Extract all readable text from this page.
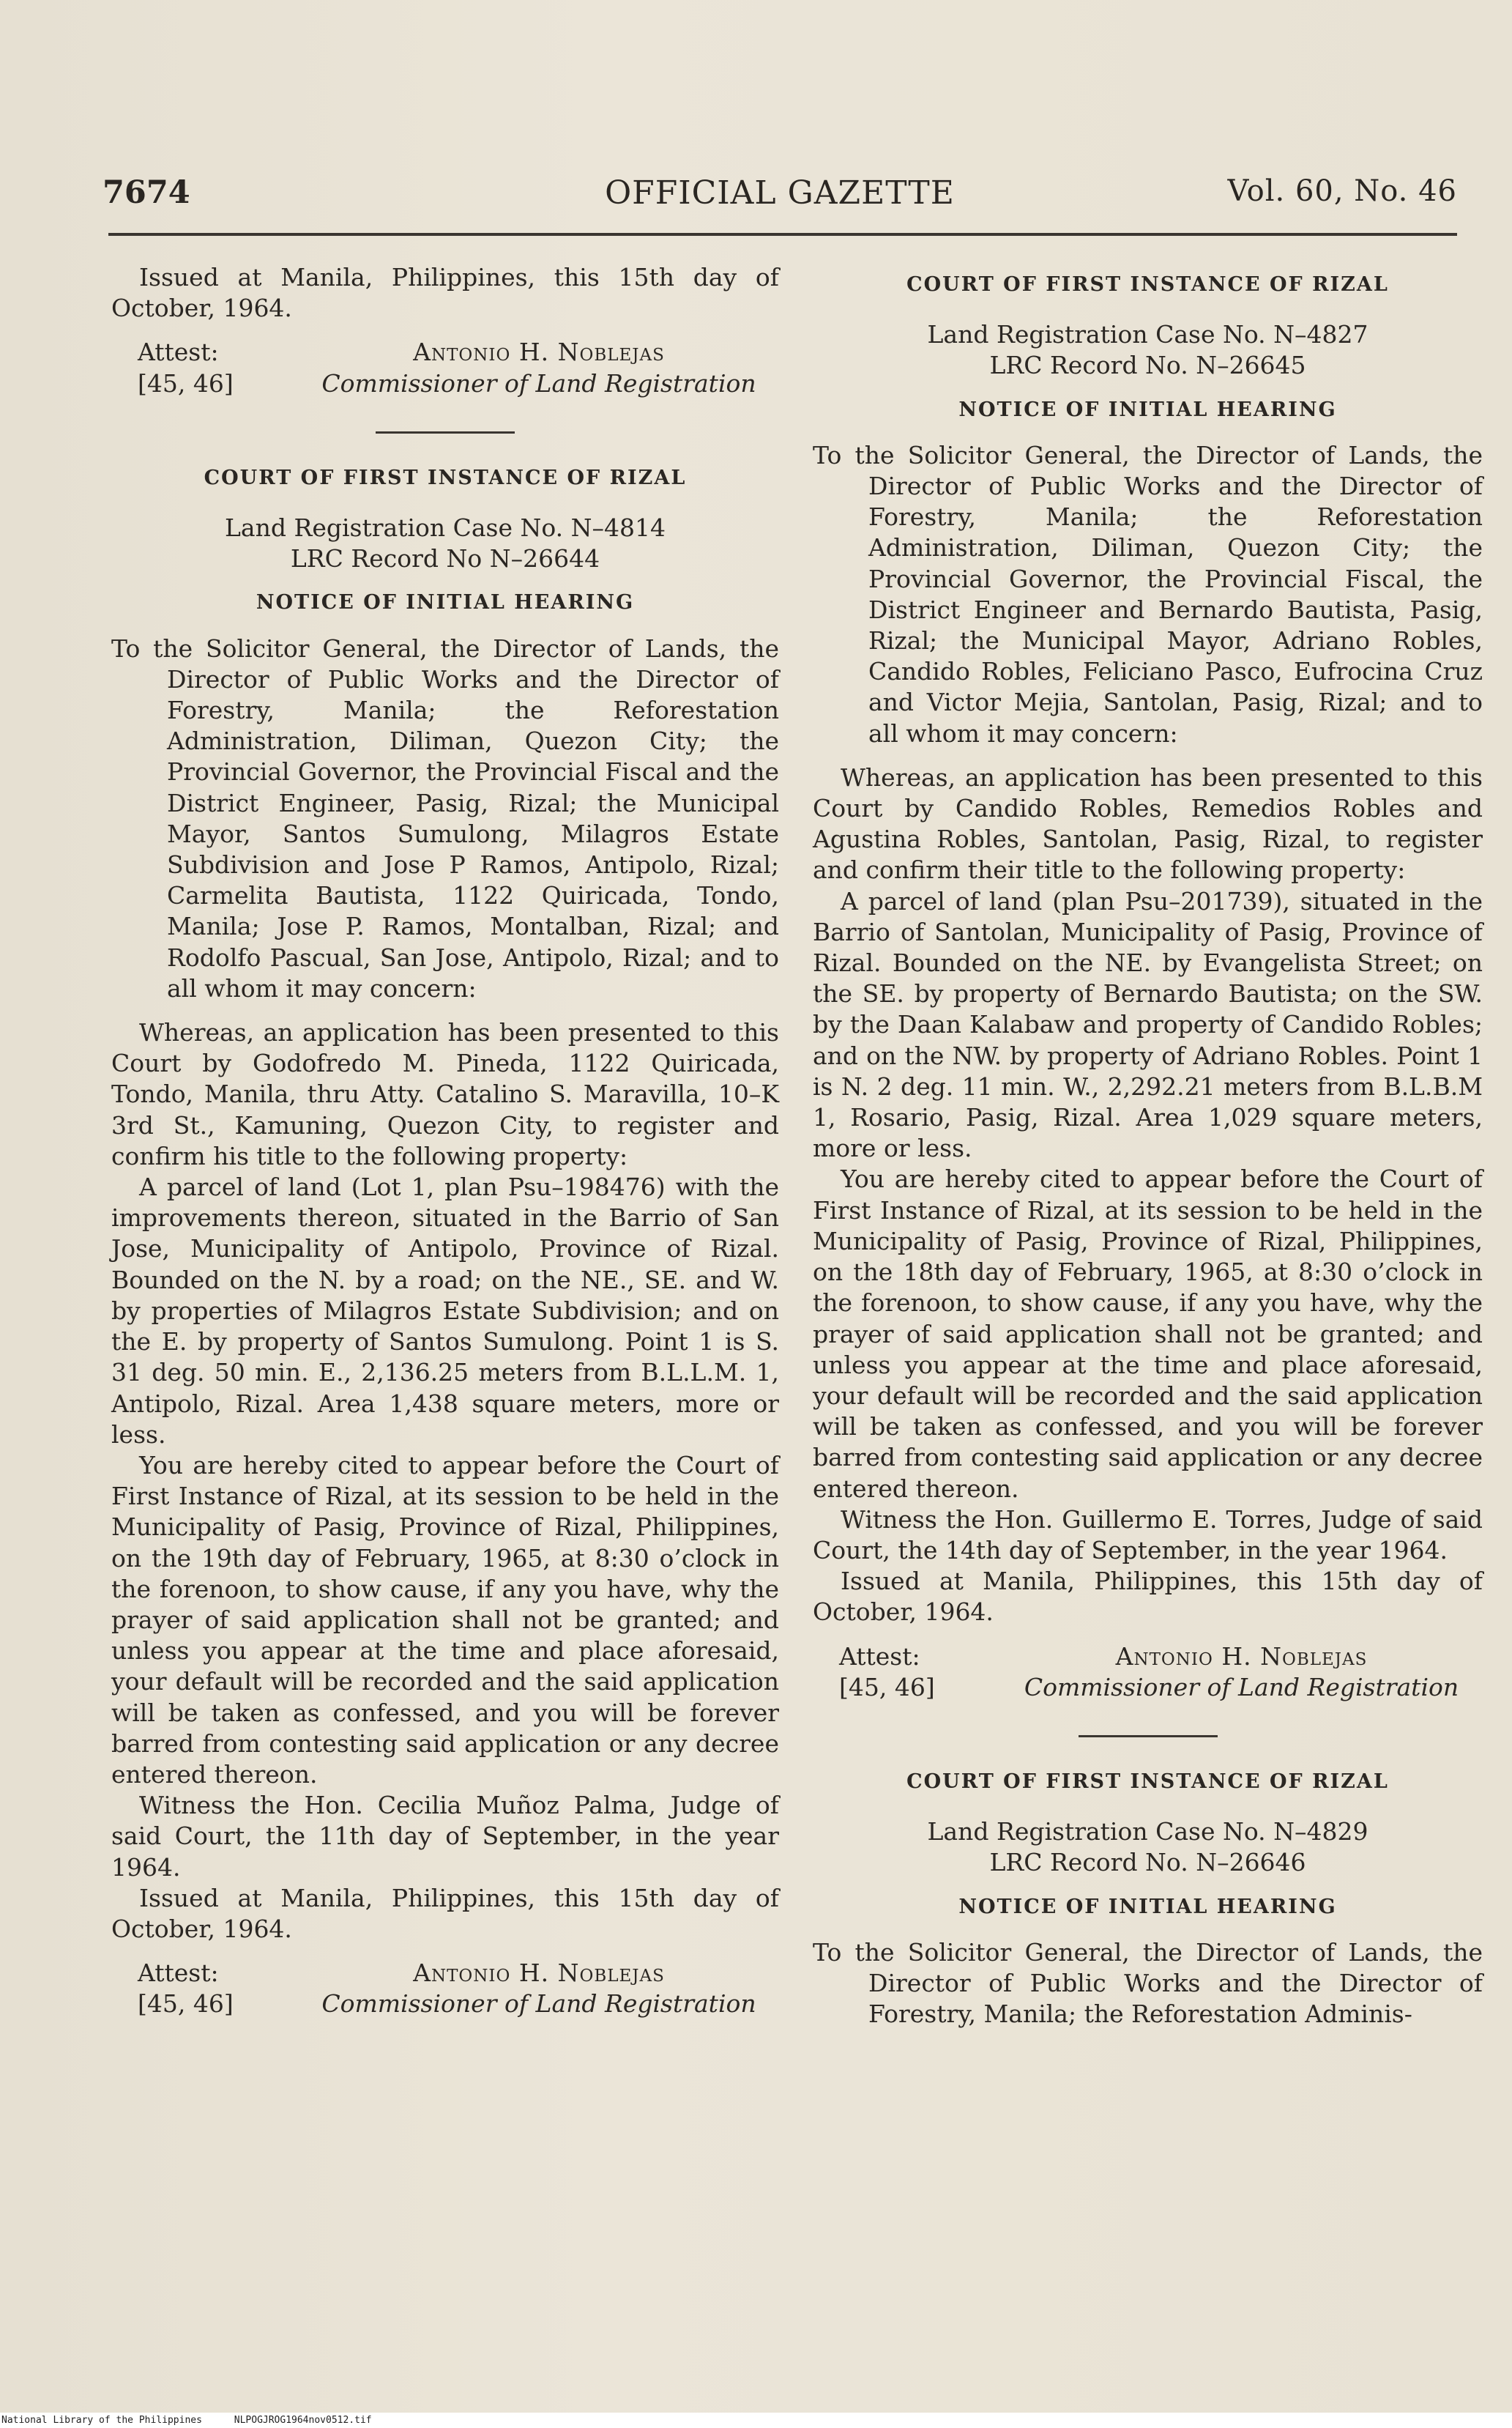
OFFICIAL GAZETTE
7674	Vol. 60, No. 46

Issued at Manila, Philippines, this 15th day of October, 1964.

Attest:
[45, 46]
Antonio H. Noblejas
Commissioner of Land Registration
COURT OF FIRST INSTANCE OF RIZAL
Land Registration Case No. N–4814
LRC Record No N–26644
NOTICE OF INITIAL HEARING

To the Solicitor General, the Director of Lands, the Director of Public Works and the Director of Forestry, Manila; the Reforestation Administration, Diliman, Quezon City; the Provincial Governor, the Provincial Fiscal and the District Engineer, Pasig, Rizal; the Municipal Mayor, Santos Sumulong, Milagros Estate Subdivision and Jose P Ramos, Antipolo, Rizal; Carmelita Bautista, 1122 Quiricada, Tondo, Manila; Jose P. Ramos, Montalban, Rizal; and Rodolfo Pascual, San Jose, Antipolo, Rizal; and to all whom it may concern:

Whereas, an application has been presented to this Court by Godofredo M. Pineda, 1122 Quiricada, Tondo, Manila, thru Atty. Catalino S. Maravilla, 10–K 3rd St., Kamuning, Quezon City, to register and confirm his title to the following property:

A parcel of land (Lot 1, plan Psu–198476) with the improvements thereon, situated in the Barrio of San Jose, Municipality of Antipolo, Province of Rizal. Bounded on the N. by a road; on the NE., SE. and W. by properties of Milagros Estate Subdivision; and on the E. by property of Santos Sumulong. Point 1 is S. 31 deg. 50 min. E., 2,136.25 meters from B.L.L.M. 1, Antipolo, Rizal. Area 1,438 square meters, more or less.

You are hereby cited to appear before the Court of First Instance of Rizal, at its session to be held in the Municipality of Pasig, Province of Rizal, Philippines, on the 19th day of February, 1965, at 8:30 o’clock in the forenoon, to show cause, if any you have, why the prayer of said application shall not be granted; and unless you appear at the time and place aforesaid, your default will be recorded and the said application will be taken as confessed, and you will be forever barred from contesting said application or any decree entered thereon.

Witness the Hon. Cecilia Muñoz Palma, Judge of said Court, the 11th day of September, in the year 1964.

Issued at Manila, Philippines, this 15th day of October, 1964.

Attest:
[45, 46]
Antonio H. Noblejas
Commissioner of Land Registration
COURT OF FIRST INSTANCE OF RIZAL
Land Registration Case No. N–4827
LRC Record No. N–26645
NOTICE OF INITIAL HEARING

To the Solicitor General, the Director of Lands, the Director of Public Works and the Director of Forestry, Manila; the Reforestation Administration, Diliman, Quezon City; the Provincial Governor, the Provincial Fiscal, the District Engineer and Bernardo Bautista, Pasig, Rizal; the Municipal Mayor, Adriano Robles, Candido Robles, Feliciano Pasco, Eufrocina Cruz and Victor Mejia, Santolan, Pasig, Rizal; and to all whom it may concern:

Whereas, an application has been presented to this Court by Candido Robles, Remedios Robles and Agustina Robles, Santolan, Pasig, Rizal, to register and confirm their title to the following property:

A parcel of land (plan Psu–201739), situated in the Barrio of Santolan, Municipality of Pasig, Province of Rizal. Bounded on the NE. by Evangelista Street; on the SE. by property of Bernardo Bautista; on the SW. by the Daan Kalabaw and property of Candido Robles; and on the NW. by property of Adriano Robles. Point 1 is N. 2 deg. 11 min. W., 2,292.21 meters from B.L.B.M 1, Rosario, Pasig, Rizal. Area 1,029 square meters, more or less.

You are hereby cited to appear before the Court of First Instance of Rizal, at its session to be held in the Municipality of Pasig, Province of Rizal, Philippines, on the 18th day of February, 1965, at 8:30 o’clock in the forenoon, to show cause, if any you have, why the prayer of said application shall not be granted; and unless you appear at the time and place aforesaid, your default will be recorded and the said application will be taken as confessed, and you will be forever barred from contesting said application or any decree entered thereon.

Witness the Hon. Guillermo E. Torres, Judge of said Court, the 14th day of September, in the year 1964.

Issued at Manila, Philippines, this 15th day of October, 1964.

Attest:
[45, 46]
Antonio H. Noblejas
Commissioner of Land Registration
COURT OF FIRST INSTANCE OF RIZAL
Land Registration Case No. N–4829
LRC Record No. N–26646
NOTICE OF INITIAL HEARING

To the Solicitor General, the Director of Lands, the Director of Public Works and the Director of Forestry, Manila; the Reforestation Adminis-

National Library of the Philippines	NLPOGJROG1964nov0512.tif
